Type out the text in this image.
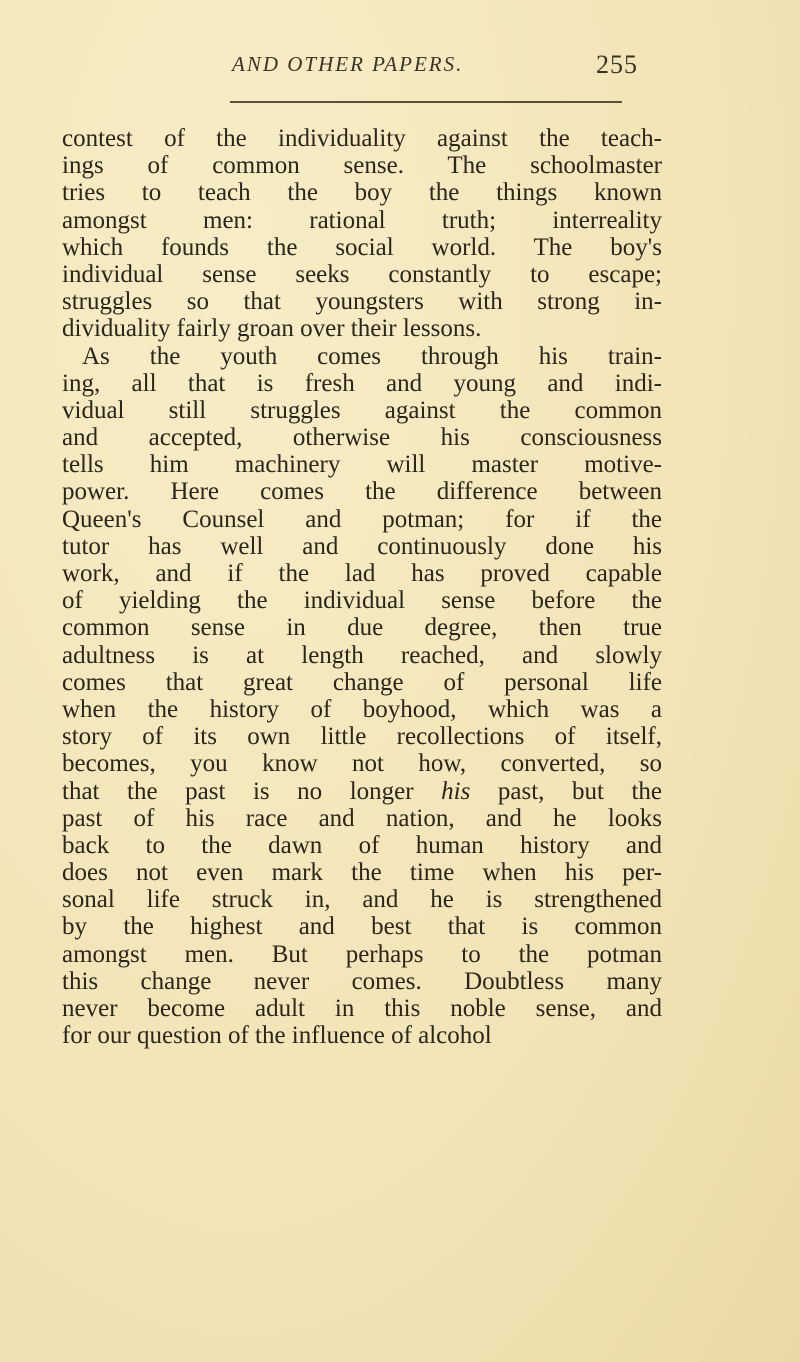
AND OTHER PAPERS.	255
contest of the individuality against the teach-
ings of common sense. The schoolmaster
tries to teach the boy the things known
amongst men: rational truth; interreality
which founds the social world. The boy's
individual sense seeks constantly to escape;
struggles so that youngsters with strong in-
dividuality fairly groan over their lessons.
As the youth comes through his train-
ing, all that is fresh and young and indi-
vidual still struggles against the common
and accepted, otherwise his consciousness
tells him machinery will master motive-
power. Here comes the difference between
Queen's Counsel and potman; for if the
tutor has well and continuously done his
work, and if the lad has proved capable
of yielding the individual sense before the
common sense in due degree, then true
adultness is at length reached, and slowly
comes that great change of personal life
when the history of boyhood, which was a
story of its own little recollections of itself,
becomes, you know not how, converted, so
that the past is no longer his past, but the
past of his race and nation, and he looks
back to the dawn of human history and
does not even mark the time when his per-
sonal life struck in, and he is strengthened
by the highest and best that is common
amongst men. But perhaps to the potman
this change never comes. Doubtless many
never become adult in this noble sense, and
for our question of the influence of alcohol
